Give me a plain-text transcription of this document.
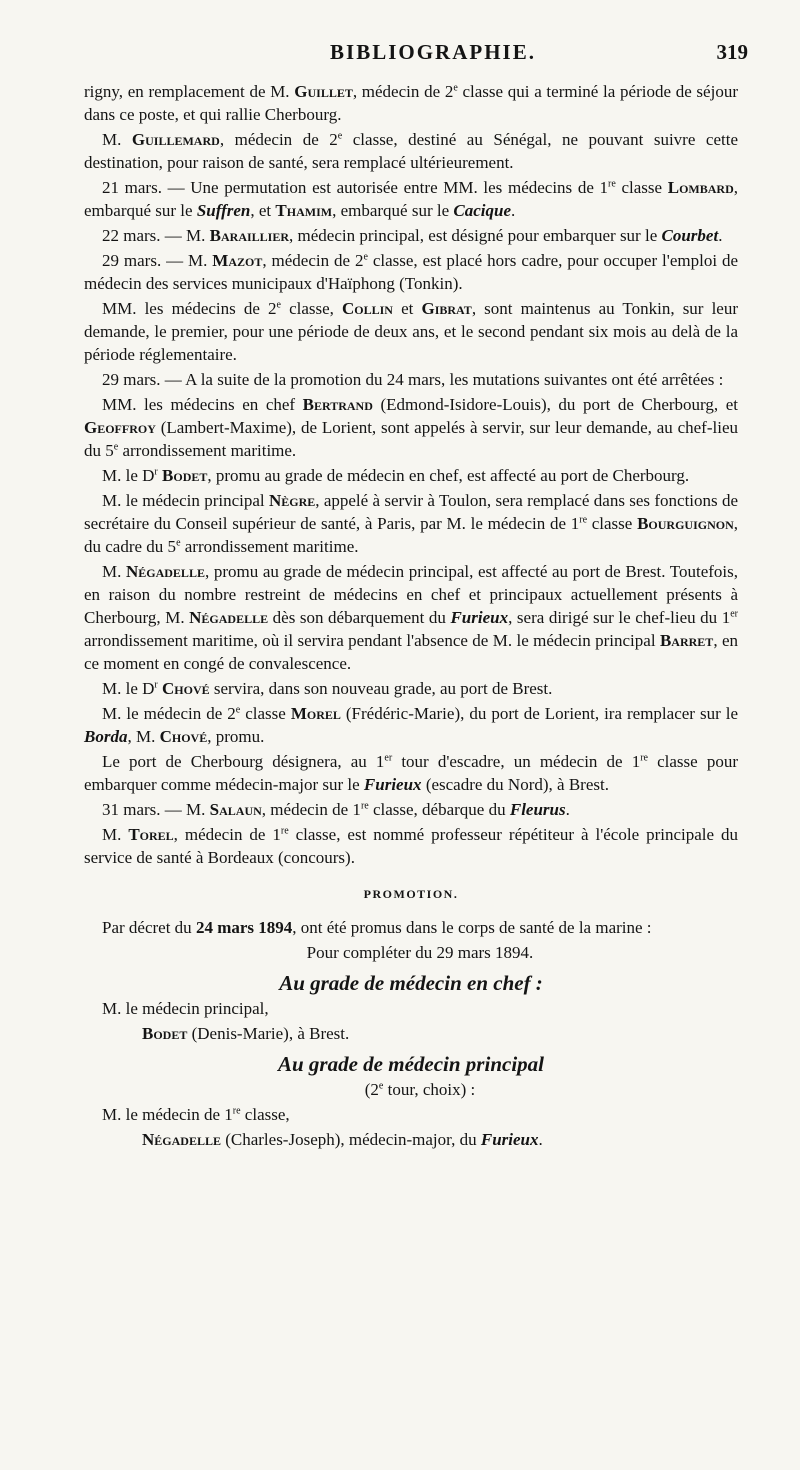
BIBLIOGRAPHIE.	319

rigny, en remplacement de M. Guillet, médecin de 2e classe qui a terminé la période de séjour dans ce poste, et qui rallie Cherbourg.

M. Guillemard, médecin de 2e classe, destiné au Sénégal, ne pouvant suivre cette destination, pour raison de santé, sera remplacé ultérieurement.

21 mars. — Une permutation est autorisée entre MM. les médecins de 1re classe Lombard, embarqué sur le Suffren, et Thamim, embarqué sur le Cacique.

22 mars. — M. Baraillier, médecin principal, est désigné pour embarquer sur le Courbet.

29 mars. — M. Mazot, médecin de 2e classe, est placé hors cadre, pour occuper l'emploi de médecin des services municipaux d'Haïphong (Tonkin).

MM. les médecins de 2e classe, Collin et Gibrat, sont maintenus au Tonkin, sur leur demande, le premier, pour une période de deux ans, et le second pendant six mois au delà de la période réglementaire.

29 mars. — A la suite de la promotion du 24 mars, les mutations suivantes ont été arrêtées :

MM. les médecins en chef Bertrand (Edmond-Isidore-Louis), du port de Cherbourg, et Geoffroy (Lambert-Maxime), de Lorient, sont appelés à servir, sur leur demande, au chef-lieu du 5e arrondissement maritime.

M. le $D^r$ Bodet, promu au grade de médecin en chef, est affecté au port de Cherbourg.

M. le médecin principal Nègre, appelé à servir à Toulon, sera remplacé dans ses fonctions de secrétaire du Conseil supérieur de santé, à Paris, par M. le médecin de 1re classe Bourguignon, du cadre du 5e arrondissement maritime.

M. Négadelle, promu au grade de médecin principal, est affecté au port de Brest. Toutefois, en raison du nombre restreint de médecins en chef et principaux actuellement présents à Cherbourg, M. Négadelle dès son débarquement du Furieux, sera dirigé sur le chef-lieu du 1er arrondissement maritime, où il servira pendant l'absence de M. le médecin principal Barret, en ce moment en congé de convalescence.

M. le $D^r$ Chové servira, dans son nouveau grade, au port de Brest.

M. le médecin de 2e classe Morel (Frédéric-Marie), du port de Lorient, ira remplacer sur le Borda, M. Chové, promu.

Le port de Cherbourg désignera, au 1er tour d'escadre, un médecin de 1re classe pour embarquer comme médecin-major sur le Furieux (escadre du Nord), à Brest.

31 mars. — M. Salaun, médecin de 1re classe, débarque du Fleurus.

M. Torel, médecin de 1re classe, est nommé professeur répétiteur à l'école principale du service de santé à Bordeaux (concours).

PROMOTION.

Par décret du 24 mars 1894, ont été promus dans le corps de santé de la marine :

Pour compléter du 29 mars 1894.

Au grade de médecin en chef :

M. le médecin principal,

Bodet (Denis-Marie), à Brest.

Au grade de médecin principal

(2e tour, choix) :

M. le médecin de 1re classe,

Négadelle (Charles-Joseph), médecin-major, du Furieux.
